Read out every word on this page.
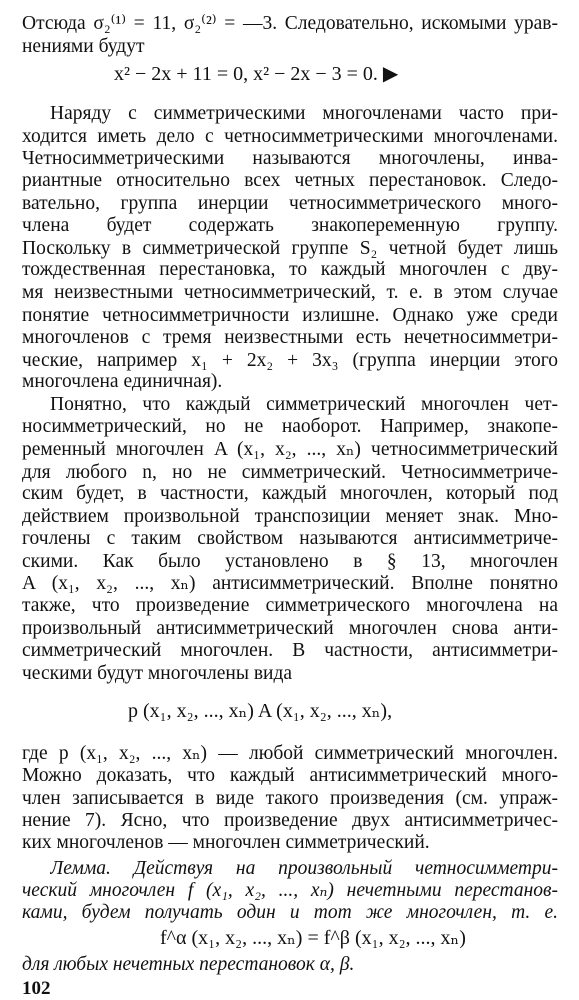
Отсюда σ₂⁽¹⁾ = 11, σ₂⁽²⁾ = —3. Следовательно, искомыми урав-
нениями будут
x² − 2x + 11 = 0, x² − 2x − 3 = 0. ▶
Наряду с симметрическими многочленами часто при-
ходится иметь дело с четносимметрическими многочленами.
Четносимметрическими называются многочлены, инва-
риантные относительно всех четных перестановок. Следо-
вательно, группа инерции четносимметрического много-
члена будет содержать знакопеременную группу.
Поскольку в симметрической группе S₂ четной будет лишь
тождественная перестановка, то каждый многочлен с дву-
мя неизвестными четносимметрический, т. е. в этом случае
понятие четносимметричности излишне. Однако уже среди
многочленов с тремя неизвестными есть нечетносимметри-
ческие, например x₁ + 2x₂ + 3x₃ (группа инерции этого
многочлена единичная).
Понятно, что каждый симметрический многочлен чет-
носимметрический, но не наоборот. Например, знакопе-
ременный многочлен A (x₁, x₂, ..., xₙ) четносимметрический
для любого n, но не симметрический. Четносимметриче-
ским будет, в частности, каждый многочлен, который под
действием произвольной транспозиции меняет знак. Мно-
гочлены с таким свойством называются антисимметриче-
скими. Как было установлено в § 13, многочлен
A (x₁, x₂, ..., xₙ) антисимметрический. Вполне понятно
также, что произведение симметрического многочлена на
произвольный антисимметрический многочлен снова анти-
симметрический многочлен. В частности, антисимметри-
ческими будут многочлены вида
p (x₁, x₂, ..., xₙ) A (x₁, x₂, ..., xₙ),
где p (x₁, x₂, ..., xₙ) — любой симметрический многочлен.
Можно доказать, что каждый антисимметрический много-
член записывается в виде такого произведения (см. упраж-
нение 7). Ясно, что произведение двух антисимметричес-
ких многочленов — многочлен симметрический.
Лемма. Действуя на произвольный четносимметри-
ческий многочлен f (x₁, x₂, ..., xₙ) нечетными перестанов-
ками, будем получать один и тот же многочлен, т. е.
f^α (x₁, x₂, ..., xₙ) = f^β (x₁, x₂, ..., xₙ)
для любых нечетных перестановок α, β.
102
